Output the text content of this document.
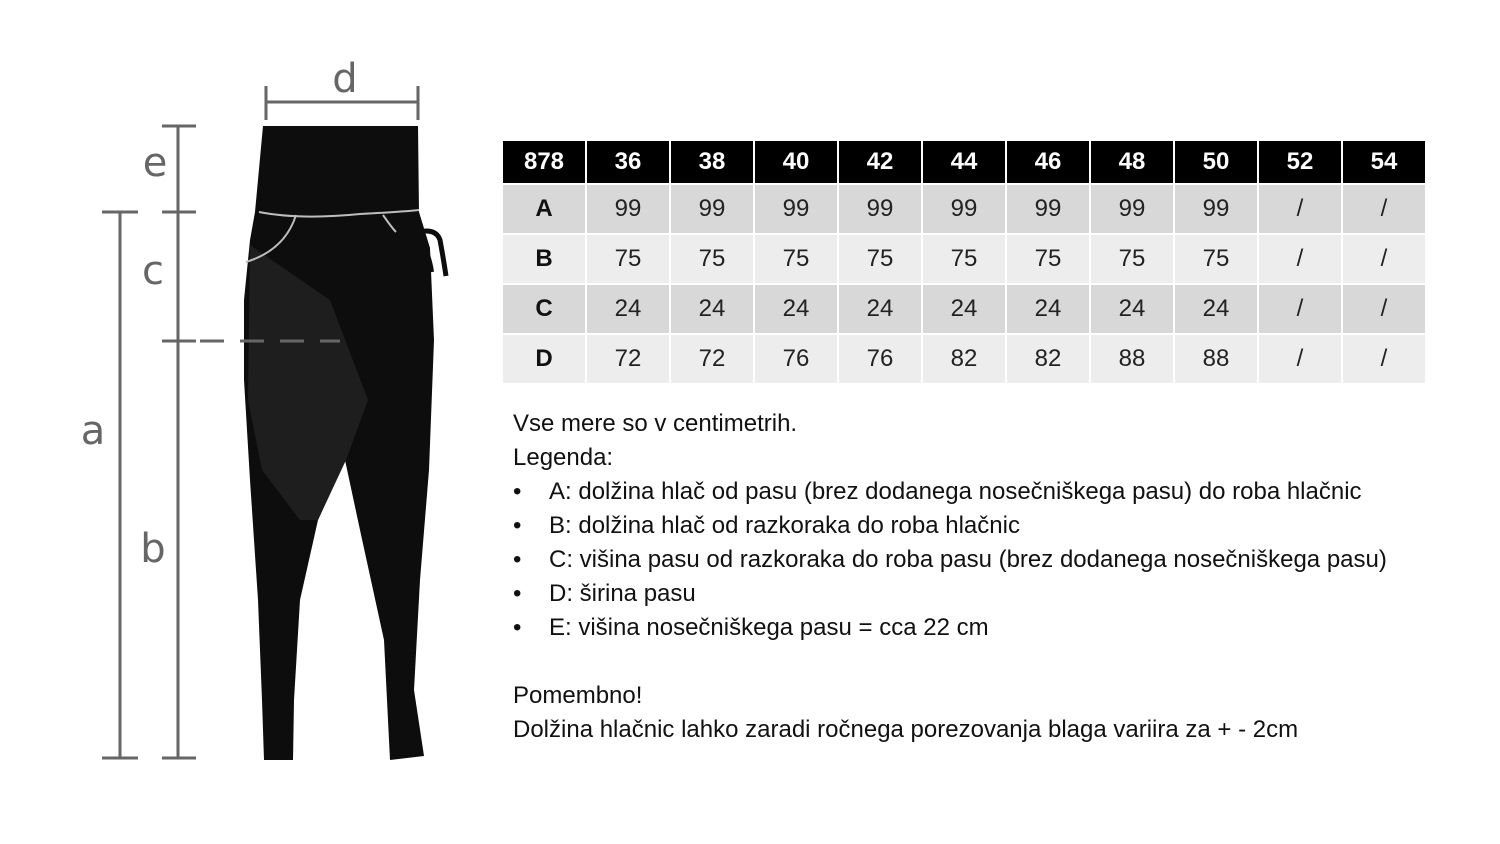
d
e
c
b
a
878	36	38	40	42	44	46	48	50	52	54
A	99	99	99	99	99	99	99	99	/	/
B	75	75	75	75	75	75	75	75	/	/
C	24	24	24	24	24	24	24	24	/	/
D	72	72	76	76	82	82	88	88	/	/

Vse mere so v centimetrih.

Legenda:

• A: dolžina hlač od pasu (brez dodanega nosečniškega pasu) do roba hlačnic
• B: dolžina hlač od razkoraka do roba hlačnic
• C: višina pasu od razkoraka do roba pasu (brez dodanega nosečniškega pasu)
• D: širina pasu
• E: višina nosečniškega pasu = cca 22 cm

Pomembno!

Dolžina hlačnic lahko zaradi ročnega porezovanja blaga variira za + - 2cm
